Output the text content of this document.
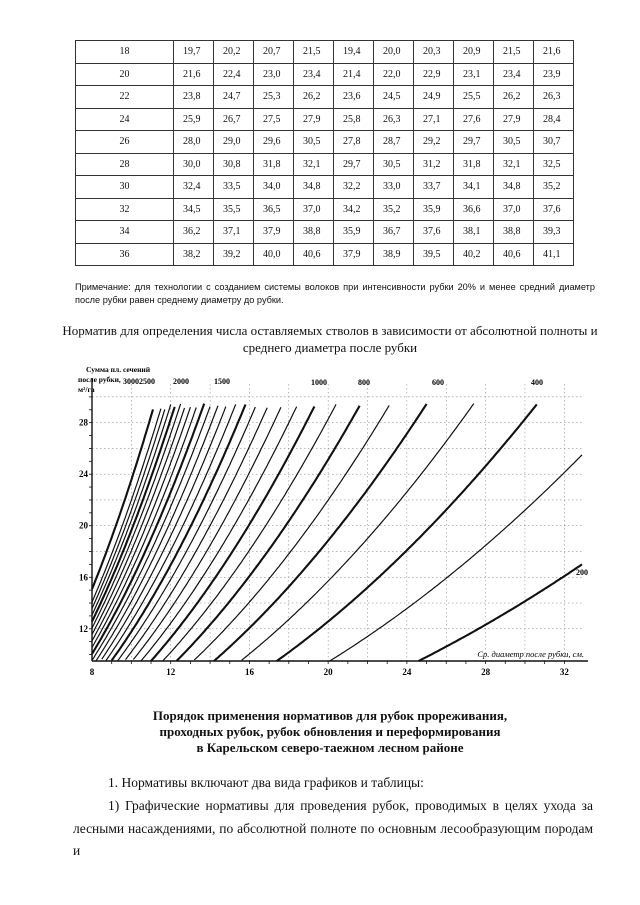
18	19,7	20,2	20,7	21,5	19,4	20,0	20,3	20,9	21,5	21,6
20	21,6	22,4	23,0	23,4	21,4	22,0	22,9	23,1	23,4	23,9
22	23,8	24,7	25,3	26,2	23,6	24,5	24,9	25,5	26,2	26,3
24	25,9	26,7	27,5	27,9	25,8	26,3	27,1	27,6	27,9	28,4
26	28,0	29,0	29,6	30,5	27,8	28,7	29,2	29,7	30,5	30,7
28	30,0	30,8	31,8	32,1	29,7	30,5	31,2	31,8	32,1	32,5
30	32,4	33,5	34,0	34,8	32,2	33,0	33,7	34,1	34,8	35,2
32	34,5	35,5	36,5	37,0	34,2	35,2	35,9	36,6	37,0	37,6
34	36,2	37,1	37,9	38,8	35,9	36,7	37,6	38,1	38,8	39,3
36	38,2	39,2	40,0	40,6	37,9	38,9	39,5	40,2	40,6	41,1
Примечание: для технологии с созданием системы волоков при интенсивности рубки 20% и менее средний диаметр после рубки равен среднему диаметру до рубки.
Норматив для определения числа оставляемых стволов в зависимости от абсолютной полноты и среднего диаметра после рубки
8	12	16	20	24	28	32
12
16
20
24
28
3000 2500 2000	1500	1000	800	600	400
200
Сумма пл. сечений после рубки, м²/га
Ср. диаметр после рубки, см.
Порядок применения нормативов для рубок прореживания,
проходных рубок, рубок обновления и переформирования
в Карельском северо-таежном лесном районе
1. Нормативы включают два вида графиков и таблицы:
1) Графические нормативы для проведения рубок, проводимых в целях ухода за лесными насаждениями, по абсолютной полноте по основным лесообразующим породам и
